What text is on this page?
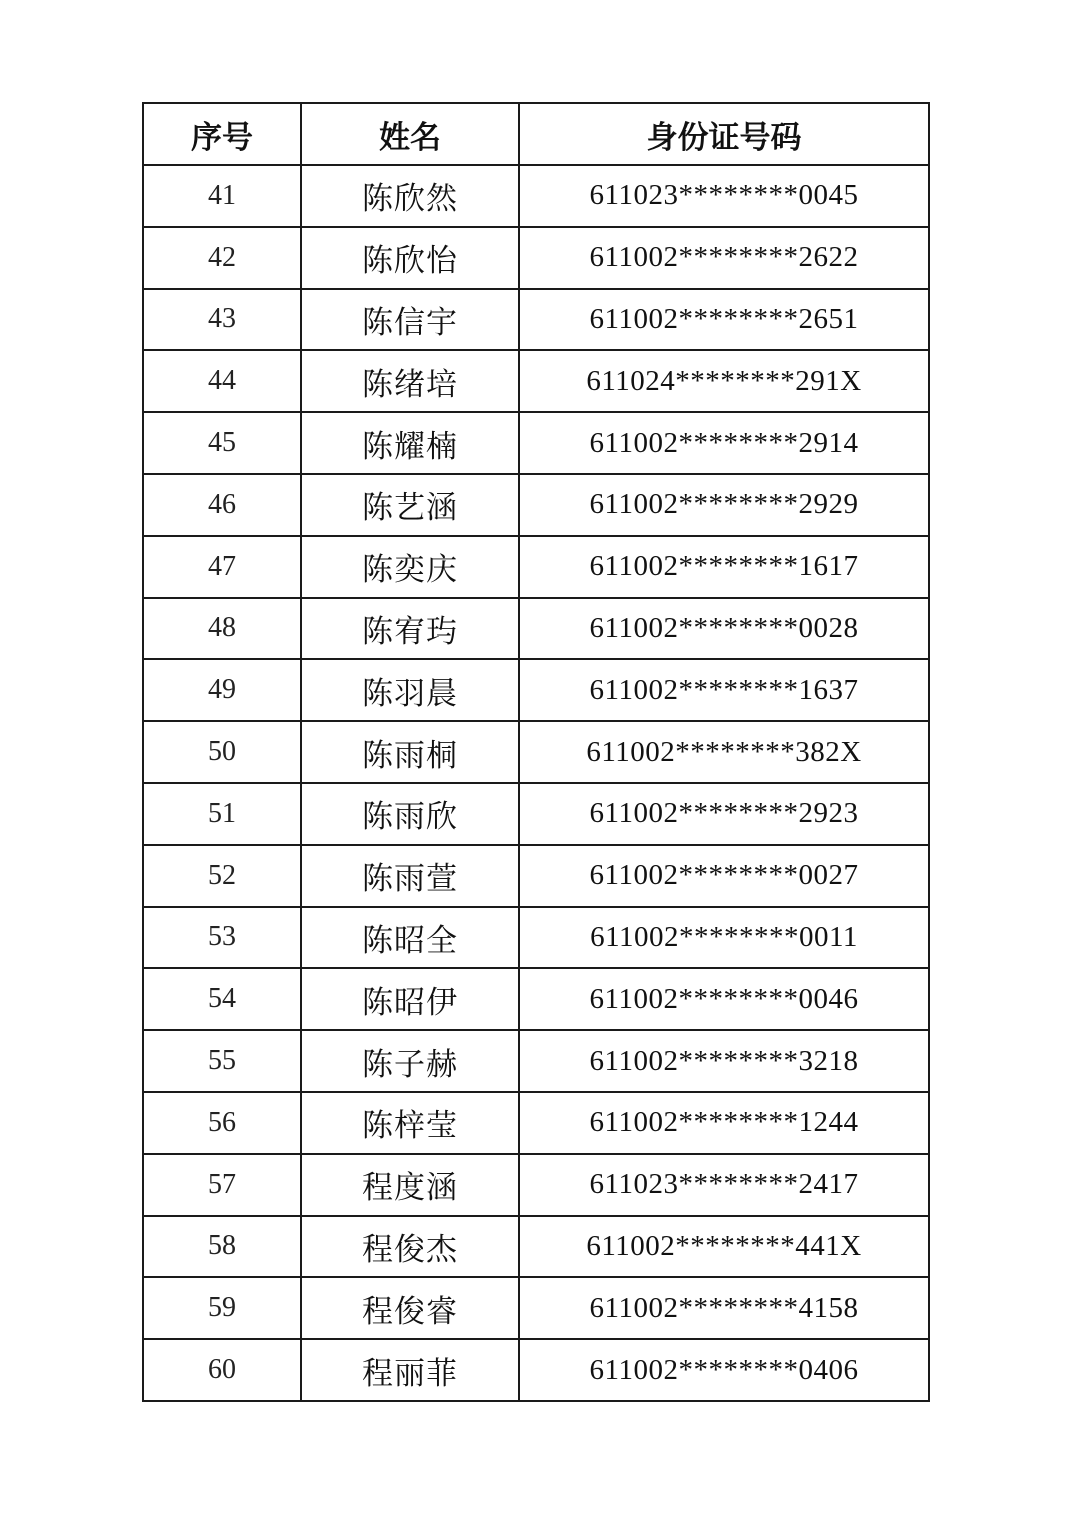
序号	姓名	身份证号码
41	陈欣然	611023********0045
42	陈欣怡	611002********2622
43	陈信宇	611002********2651
44	陈绪培	611024********291X
45	陈耀楠	611002********2914
46	陈艺涵	611002********2929
47	陈奕庆	611002********1617
48	陈宥玙	611002********0028
49	陈羽晨	611002********1637
50	陈雨桐	611002********382X
51	陈雨欣	611002********2923
52	陈雨萱	611002********0027
53	陈昭全	611002********0011
54	陈昭伊	611002********0046
55	陈子赫	611002********3218
56	陈梓莹	611002********1244
57	程度涵	611023********2417
58	程俊杰	611002********441X
59	程俊睿	611002********4158
60	程丽菲	611002********0406
